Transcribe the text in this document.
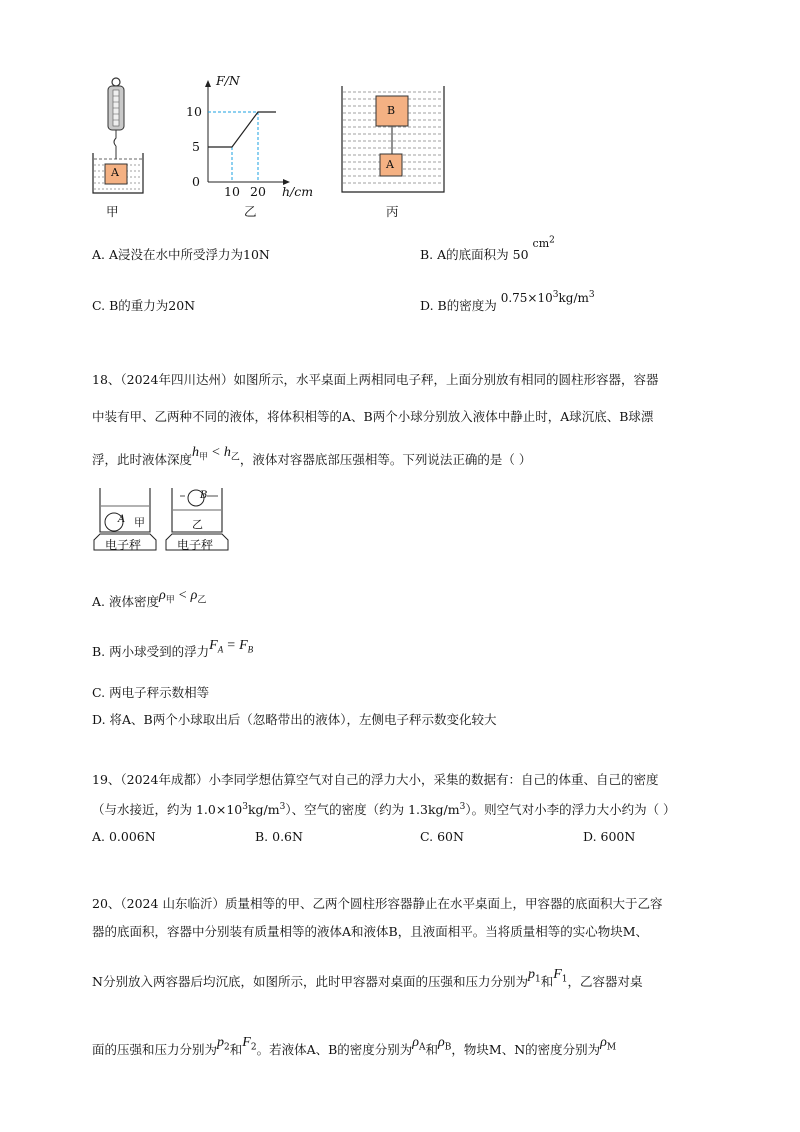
A
甲
F/N
10
5
0
10 20 h/cm
乙
B
A
丙
A. A浸没在水中所受浮力为10N	B. A的底面积为 50 $cm^2$
C. B的重力为20N	D. B的密度为 $0.75\times 10^3kg/m^3$
18、（2024年四川达州）如图所示，水平桌面上两相同电子秤，上面分别放有相同的圆柱形容器，容器
中装有甲、乙两种不同的液体，将体积相等的A、B两个小球分别放入液体中静止时，A球沉底、B球漂
浮，此时液体深度$h_甲 < h_乙$，液体对容器底部压强相等。下列说法正确的是（ ）
A 甲
B
乙
电子秤	电子秤
A. 液体密度$\rho_甲 < \rho_乙$
B. 两小球受到的浮力$F_A = F_B$
C. 两电子秤示数相等
D. 将A、B两个小球取出后（忽略带出的液体），左侧电子秤示数变化较大
19、（2024年成都）小李同学想估算空气对自己的浮力大小，采集的数据有：自己的体重、自己的密度
（与水接近，约为 $1.0\times 10^3kg/m^3$）、空气的密度（约为 $1.3kg/m^3$）。则空气对小李的浮力大小约为（ ）
A. 0.006N	B. 0.6N	C. 60N	D. 600N
20、（2024 山东临沂）质量相等的甲、乙两个圆柱形容器静止在水平桌面上，甲容器的底面积大于乙容
器的底面积，容器中分别装有质量相等的液体A和液体B，且液面相平。当将质量相等的实心物块M、
N分别放入两容器后均沉底，如图所示，此时甲容器对桌面的压强和压力分别为$p_1$和$F_1$，乙容器对桌
面的压强和压力分别为$p_2$和$F_2$。若液体A、B的密度分别为$\rho_A$和$\rho_B$，物块M、N的密度分别为$\rho_M$
